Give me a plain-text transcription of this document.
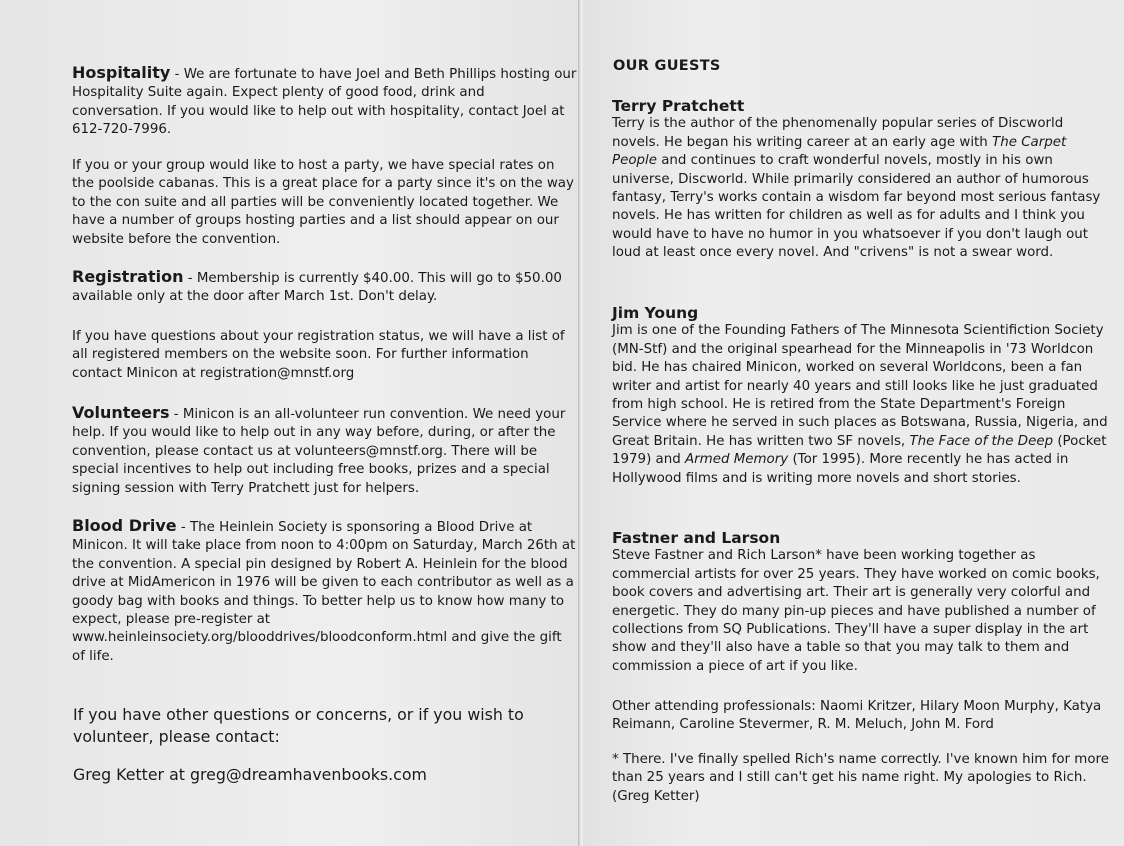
Hospitality - We are fortunate to have Joel and Beth Phillips hosting our Hospitality Suite again. Expect plenty of good food, drink and conversation. If you would like to help out with hospitality, contact Joel at 612-720-7996.

If you or your group would like to host a party, we have special rates on the poolside cabanas. This is a great place for a party since it's on the way to the con suite and all parties will be conveniently located together. We have a number of groups hosting parties and a list should appear on our website before the convention.

Registration - Membership is currently $40.00. This will go to $50.00 available only at the door after March 1st. Don't delay.

If you have questions about your registration status, we will have a list of all registered members on the website soon. For further information contact Minicon at registration@mnstf.org

Volunteers - Minicon is an all-volunteer run convention. We need your help. If you would like to help out in any way before, during, or after the convention, please contact us at volunteers@mnstf.org. There will be special incentives to help out including free books, prizes and a special signing session with Terry Pratchett just for helpers.

Blood Drive - The Heinlein Society is sponsoring a Blood Drive at Minicon. It will take place from noon to 4:00pm on Saturday, March 26th at the convention. A special pin designed by Robert A. Heinlein for the blood drive at MidAmericon in 1976 will be given to each contributor as well as a goody bag with books and things. To better help us to know how many to expect, please pre-register at www.heinleinsociety.org/blooddrives/bloodconform.html and give the gift of life.

If you have other questions or concerns, or if you wish to volunteer, please contact:

Greg Ketter at greg@dreamhavenbooks.com

OUR GUESTS

Terry Pratchett

Terry is the author of the phenomenally popular series of Discworld novels. He began his writing career at an early age with The Carpet People and continues to craft wonderful novels, mostly in his own universe, Discworld. While primarily considered an author of humorous fantasy, Terry's works contain a wisdom far beyond most serious fantasy novels. He has written for children as well as for adults and I think you would have to have no humor in you whatsoever if you don't laugh out loud at least once every novel. And "crivens" is not a swear word.

Jim Young

Jim is one of the Founding Fathers of The Minnesota Scientifiction Society (MN-Stf) and the original spearhead for the Minneapolis in '73 Worldcon bid. He has chaired Minicon, worked on several Worldcons, been a fan writer and artist for nearly 40 years and still looks like he just graduated from high school. He is retired from the State Department's Foreign Service where he served in such places as Botswana, Russia, Nigeria, and Great Britain. He has written two SF novels, The Face of the Deep (Pocket 1979) and Armed Memory (Tor 1995). More recently he has acted in Hollywood films and is writing more novels and short stories.

Fastner and Larson

Steve Fastner and Rich Larson* have been working together as commercial artists for over 25 years. They have worked on comic books, book covers and advertising art. Their art is generally very colorful and energetic. They do many pin-up pieces and have published a number of collections from SQ Publications. They'll have a super display in the art show and they'll also have a table so that you may talk to them and commission a piece of art if you like.

Other attending professionals: Naomi Kritzer, Hilary Moon Murphy, Katya Reimann, Caroline Stevermer, R. M. Meluch, John M. Ford

* There. I've finally spelled Rich's name correctly. I've known him for more than 25 years and I still can't get his name right. My apologies to Rich. (Greg Ketter)
